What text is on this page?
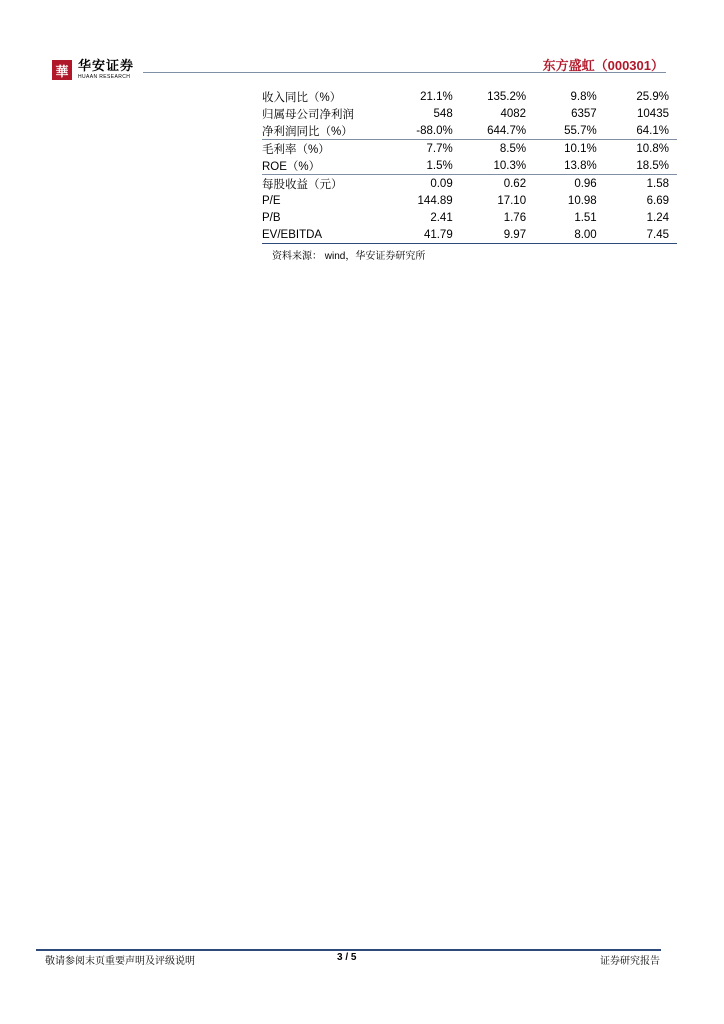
華 华安证券
HUAAN RESEARCH
东方盛虹（000301）
收入同比（%）	21.1%	135.2%	9.8%	25.9%
归属母公司净利润	548	4082	6357	10435
净利润同比（%）	-88.0%	644.7%	55.7%	64.1%
毛利率（%）	7.7%	8.5%	10.1%	10.8%
ROE（%）	1.5%	10.3%	13.8%	18.5%
每股收益（元）	0.09	0.62	0.96	1.58
P/E	144.89	17.10	10.98	6.69
P/B	2.41	1.76	1.51	1.24
EV/EBITDA	41.79	9.97	8.00	7.45
资料来源： wind，华安证券研究所
敬请参阅末页重要声明及评级说明	3 / 5	证券研究报告
